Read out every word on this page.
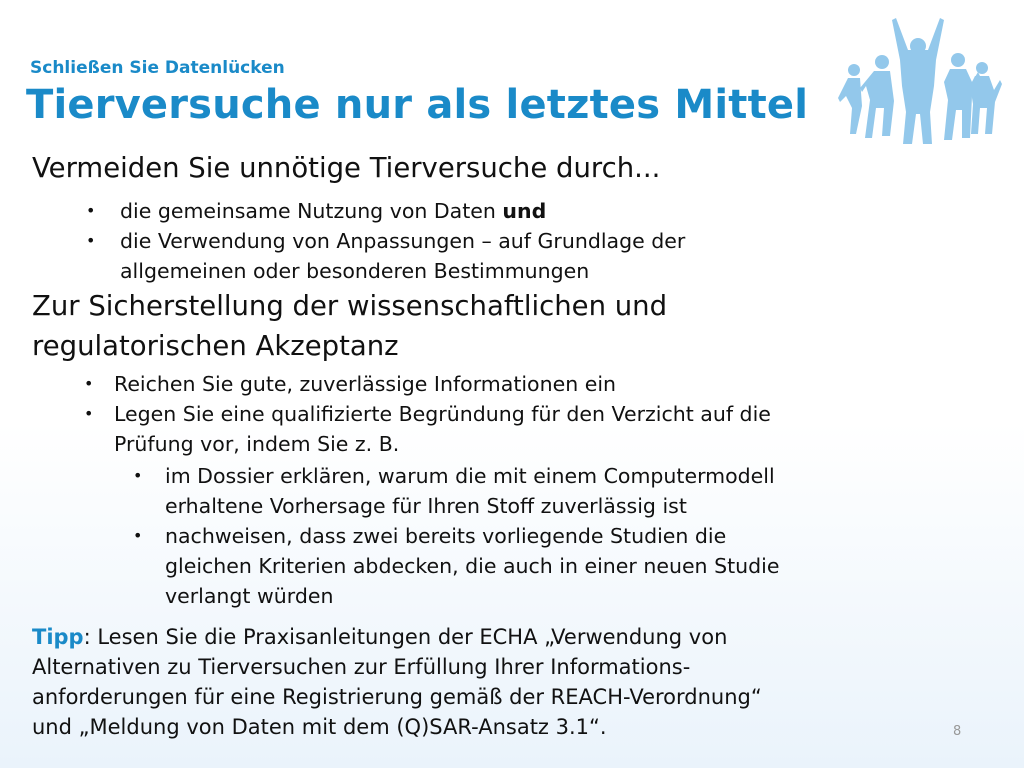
Schließen Sie Datenlücken
Tierversuche nur als letztes Mittel
Vermeiden Sie unnötige Tierversuche durch...
• die gemeinsame Nutzung von Daten und
• die Verwendung von Anpassungen – auf Grundlage der
allgemeinen oder besonderen Bestimmungen
Zur Sicherstellung der wissenschaftlichen und
regulatorischen Akzeptanz
• Reichen Sie gute, zuverlässige Informationen ein
• Legen Sie eine qualifizierte Begründung für den Verzicht auf die
Prüfung vor, indem Sie z. B.
• im Dossier erklären, warum die mit einem Computermodell
erhaltene Vorhersage für Ihren Stoff zuverlässig ist
• nachweisen, dass zwei bereits vorliegende Studien die
gleichen Kriterien abdecken, die auch in einer neuen Studie
verlangt würden
Tipp: Lesen Sie die Praxisanleitungen der ECHA „Verwendung von
Alternativen zu Tierversuchen zur Erfüllung Ihrer Informations-
anforderungen für eine Registrierung gemäß der REACH-Verordnung“
und „Meldung von Daten mit dem (Q)SAR-Ansatz 3.1“.	8
